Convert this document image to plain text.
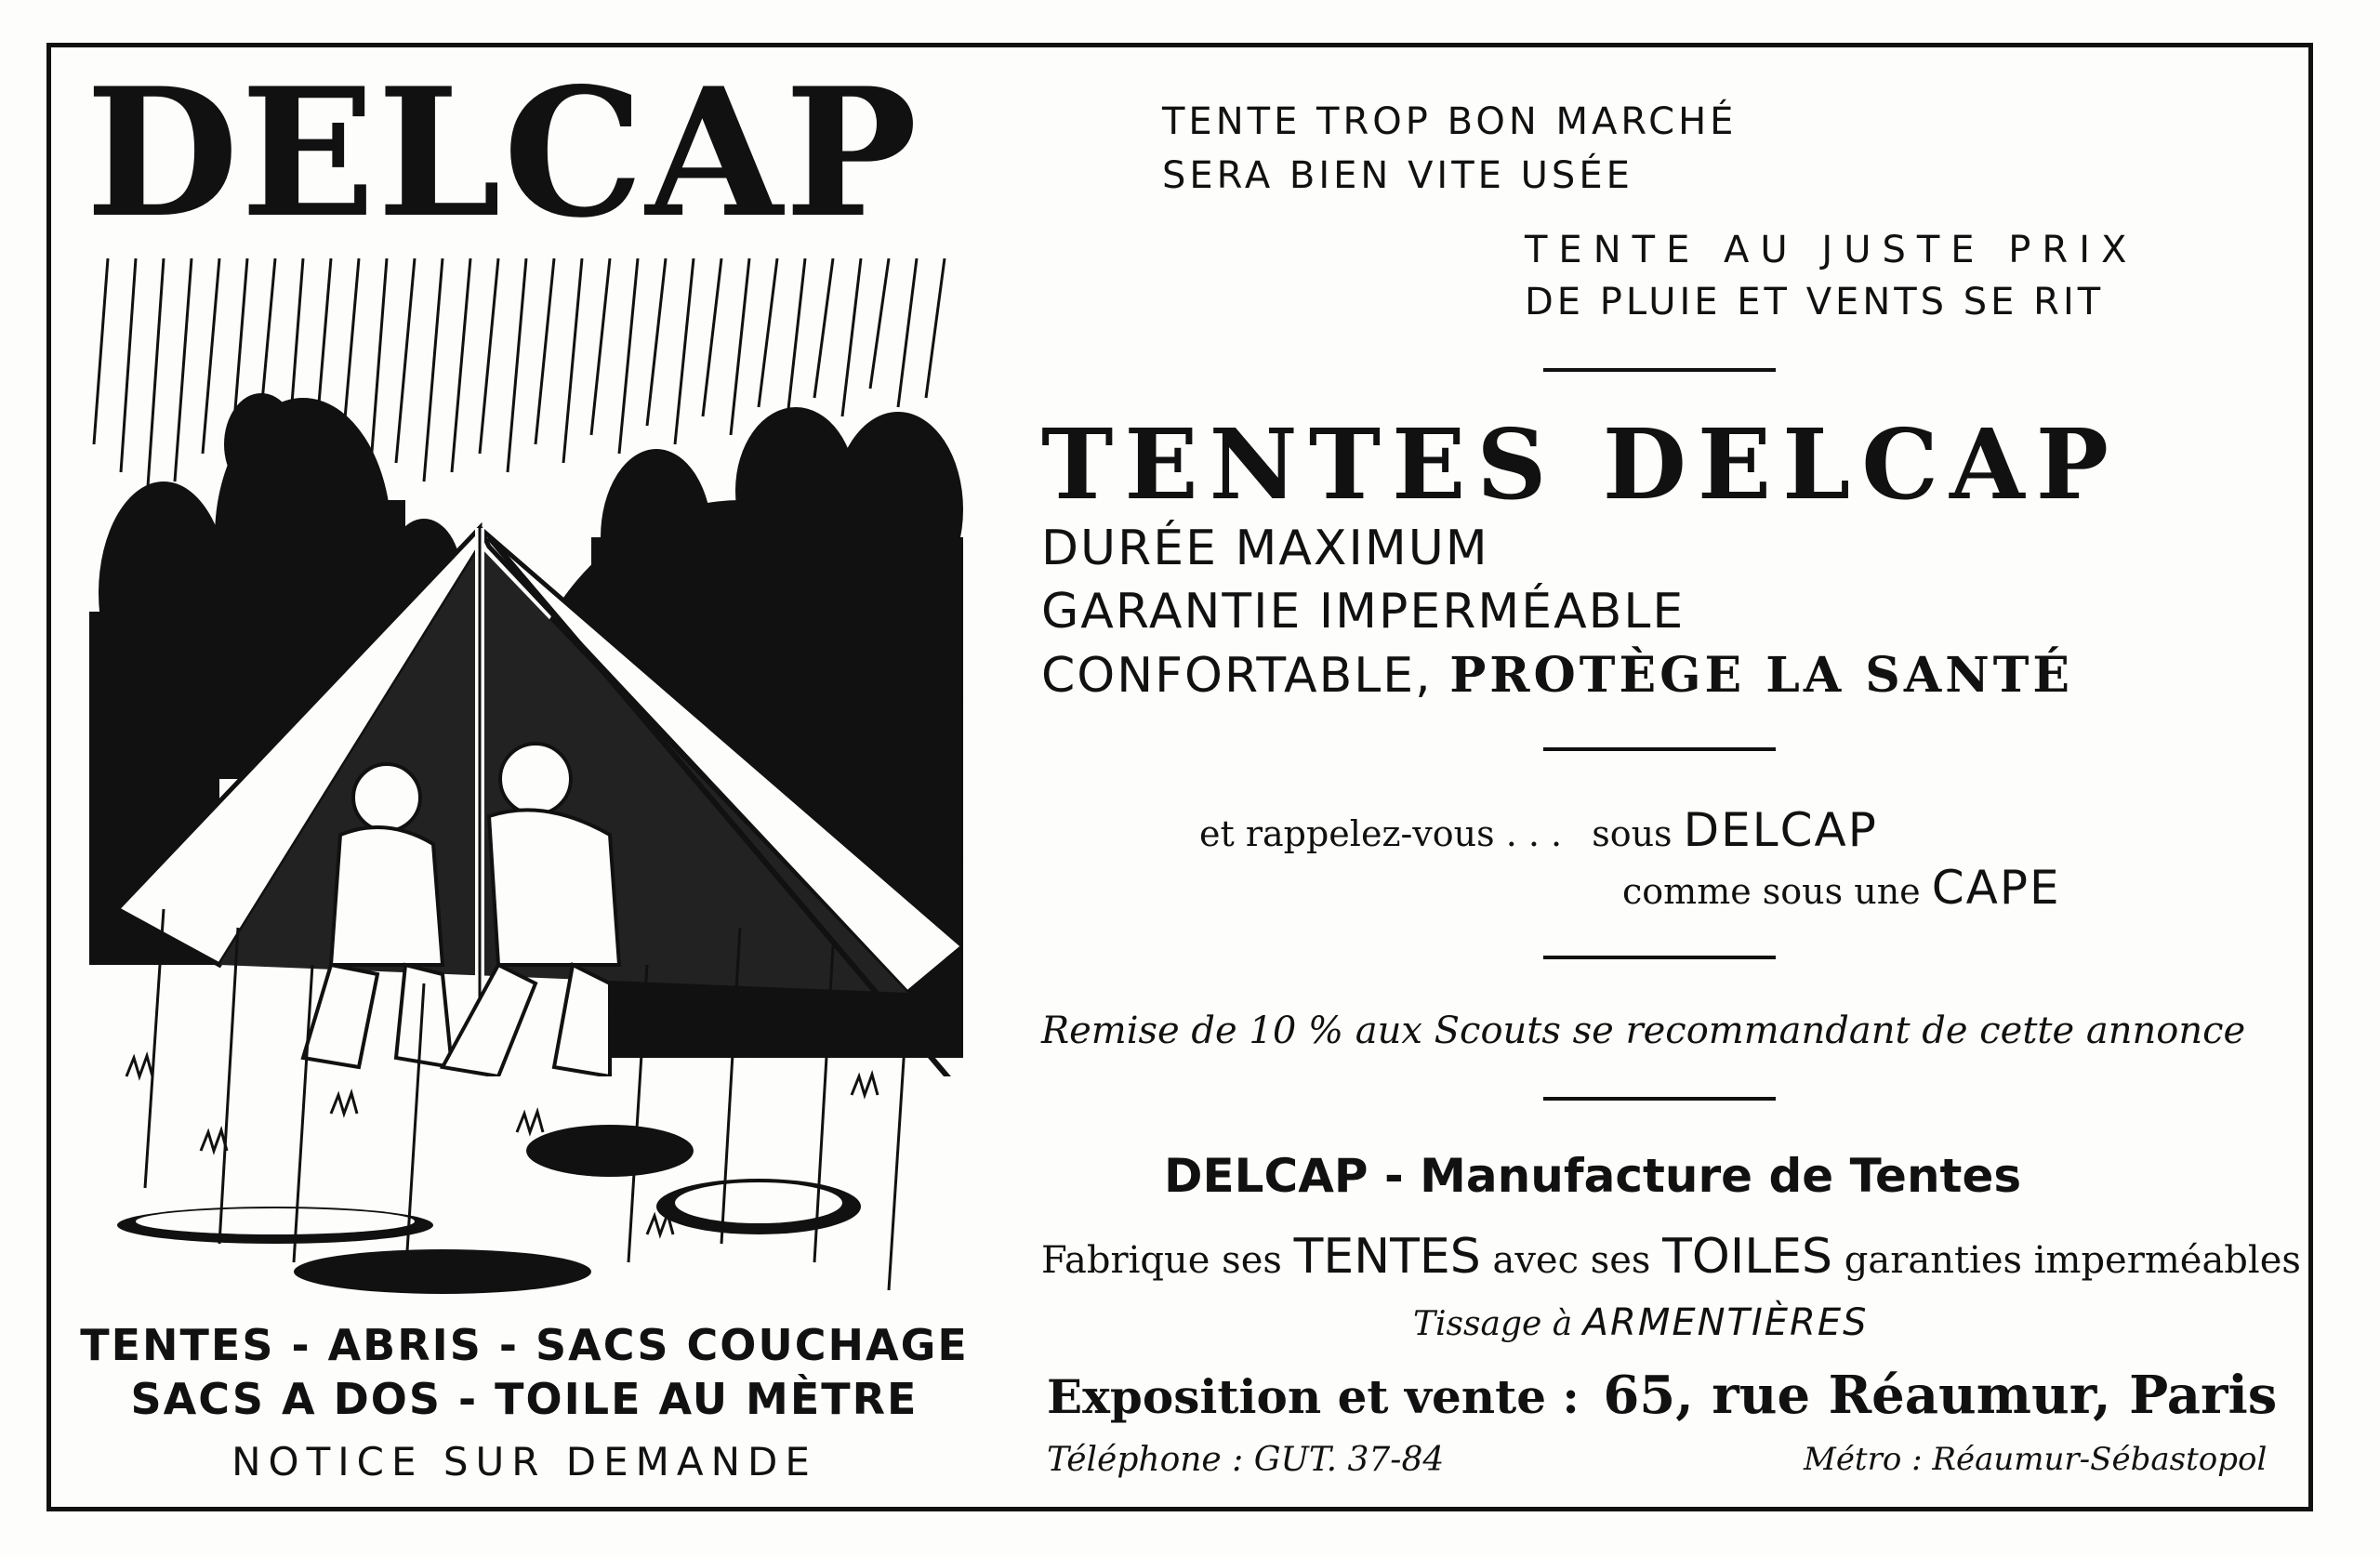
DELCAP
TENTES - ABRIS - SACS COUCHAGE
SACS A DOS - TOILE AU MÈTRE
NOTICE SUR DEMANDE
TENTE TROP BON MARCHÉ
SERA BIEN VITE USÉE
TENTE AU JUSTE PRIX
DE PLUIE ET VENTS SE RIT
TENTES DELCAP
DURÉE MAXIMUM
GARANTIE IMPERMÉABLE
CONFORTABLE, PROTÈGE LA SANTÉ
et rappelez-vous . . . sous DELCAP
comme sous une CAPE
Remise de 10 % aux Scouts se recommandant de cette annonce
DELCAP - Manufacture de Tentes
Fabrique ses TENTES avec ses TOILES garanties imperméables
Tissage à ARMENTIÈRES
Exposition et vente : 65, rue Réaumur, Paris
Téléphone : GUT. 37-84	Métro : Réaumur-Sébastopol
